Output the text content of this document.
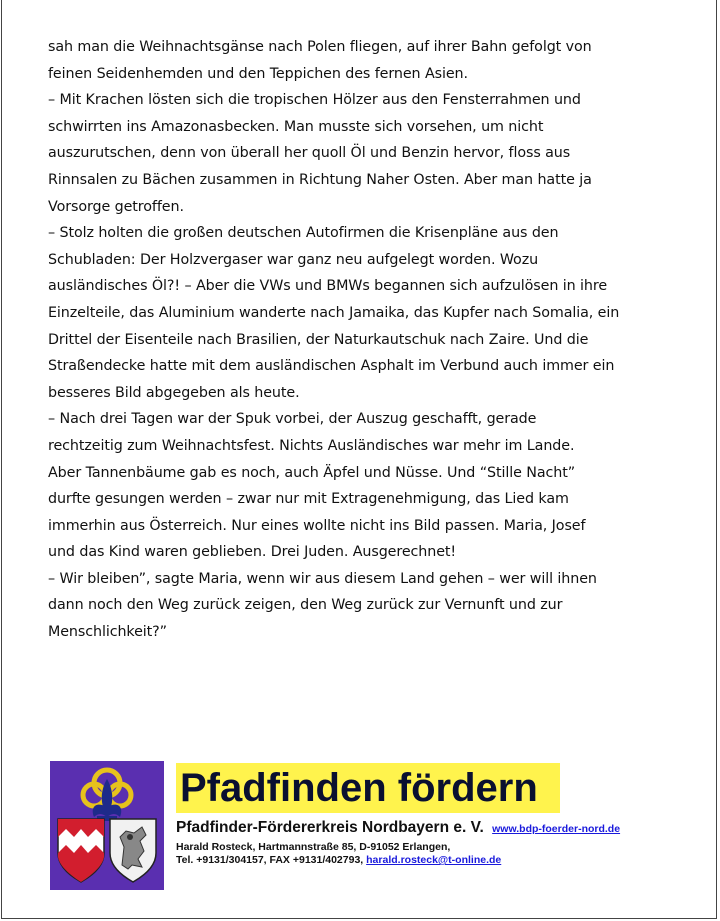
sah man die Weihnachtsgänse nach Polen fliegen, auf ihrer Bahn gefolgt von
feinen Seidenhemden und den Teppichen des fernen Asien.
– Mit Krachen lösten sich die tropischen Hölzer aus den Fensterrahmen und
schwirrten ins Amazonasbecken. Man musste sich vorsehen, um nicht
auszurutschen, denn von überall her quoll Öl und Benzin hervor, floss aus
Rinnsalen zu Bächen zusammen in Richtung Naher Osten. Aber man hatte ja
Vorsorge getroffen.
– Stolz holten die großen deutschen Autofirmen die Krisenpläne aus den
Schubladen: Der Holzvergaser war ganz neu aufgelegt worden. Wozu
ausländisches Öl?! – Aber die VWs und BMWs begannen sich aufzulösen in ihre
Einzelteile, das Aluminium wanderte nach Jamaika, das Kupfer nach Somalia, ein
Drittel der Eisenteile nach Brasilien, der Naturkautschuk nach Zaire. Und die
Straßendecke hatte mit dem ausländischen Asphalt im Verbund auch immer ein
besseres Bild abgegeben als heute.
– Nach drei Tagen war der Spuk vorbei, der Auszug geschafft, gerade
rechtzeitig zum Weihnachtsfest. Nichts Ausländisches war mehr im Lande.
Aber Tannenbäume gab es noch, auch Äpfel und Nüsse. Und “Stille Nacht”
durfte gesungen werden – zwar nur mit Extragenehmigung, das Lied kam
immerhin aus Österreich. Nur eines wollte nicht ins Bild passen. Maria, Josef
und das Kind waren geblieben. Drei Juden. Ausgerechnet!
– Wir bleiben”, sagte Maria, wenn wir aus diesem Land gehen – wer will ihnen
dann noch den Weg zurück zeigen, den Weg zurück zur Vernunft und zur
Menschlichkeit?”
Pfadfinden fördern
Pfadfinder-Fördererkreis Nordbayern e. V. www.bdp-foerder-nord.de
Harald Rosteck, Hartmannstraße 85, D-91052 Erlangen,
Tel. +9131/304157, FAX +9131/402793, harald.rosteck@t-online.de
